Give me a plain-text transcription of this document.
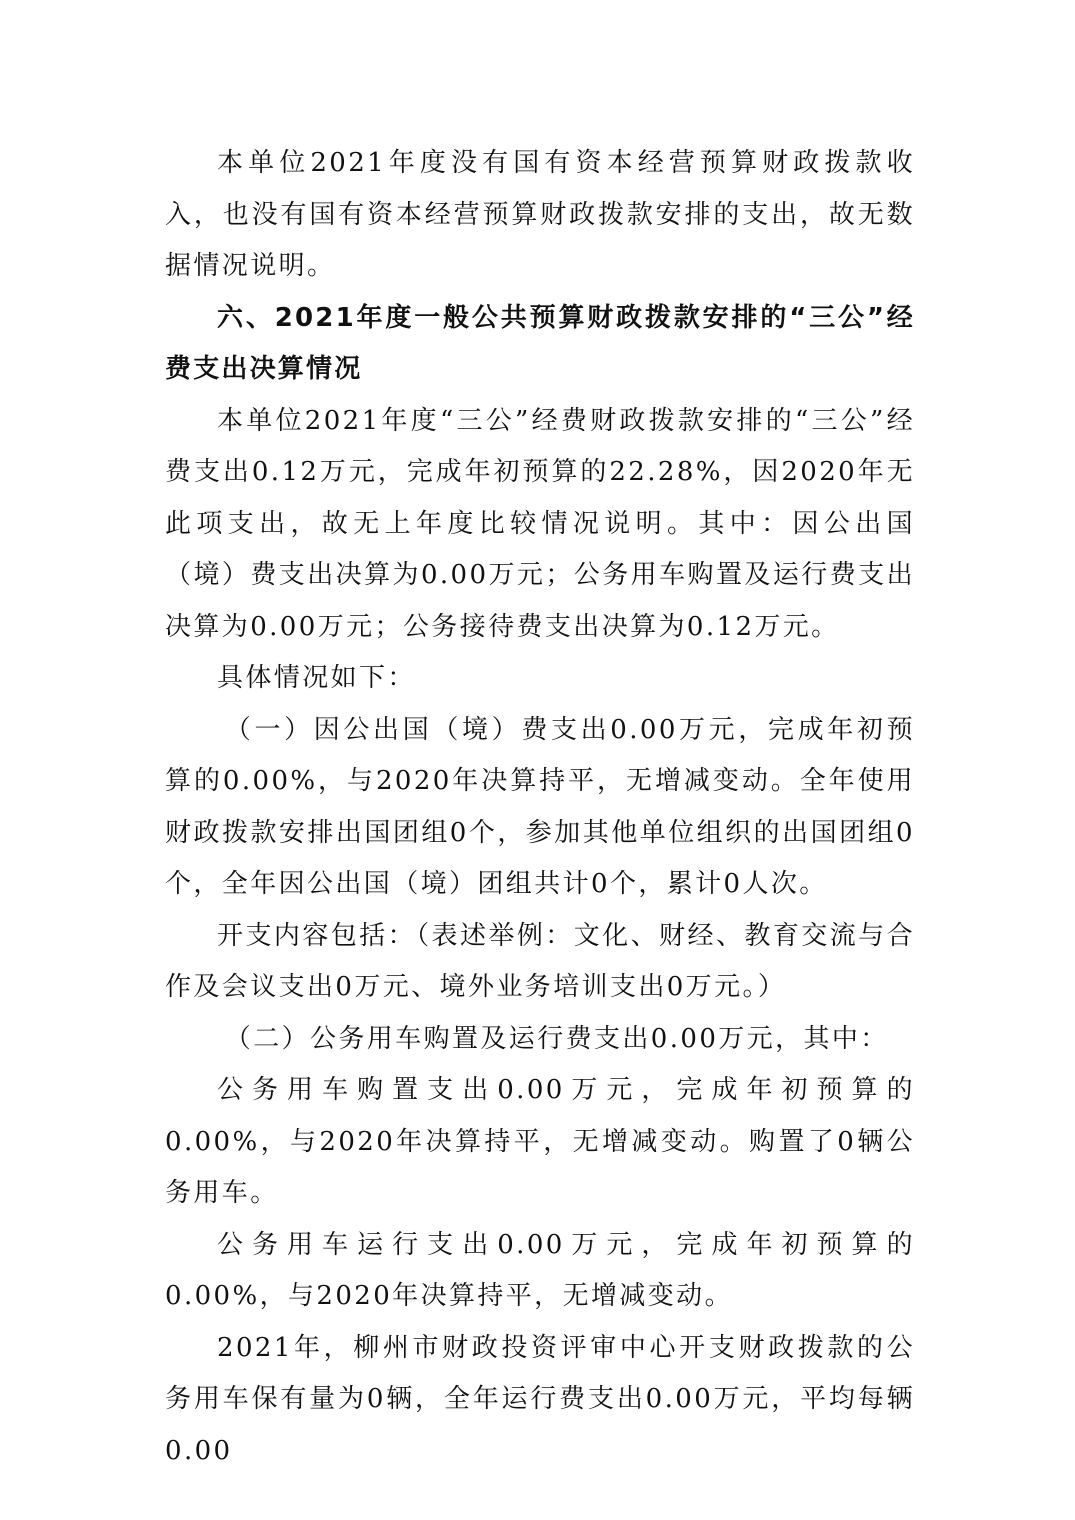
本单位2021年度没有国有资本经营预算财政拨款收入，也没有国有资本经营预算财政拨款安排的支出，故无数据情况说明。

六、2021年度一般公共预算财政拨款安排的“三公”经费支出决算情况

本单位2021年度“三公”经费财政拨款安排的“三公”经费支出0.12万元，完成年初预算的22.28%，因2020年无此项支出，故无上年度比较情况说明。其中：因公出国（境）费支出决算为0.00万元；公务用车购置及运行费支出决算为0.00万元；公务接待费支出决算为0.12万元。

具体情况如下：

（一）因公出国（境）费支出0.00万元，完成年初预算的0.00%，与2020年决算持平，无增减变动。全年使用财政拨款安排出国团组0个，参加其他单位组织的出国团组0个，全年因公出国（境）团组共计0个，累计0人次。

开支内容包括：（表述举例：文化、财经、教育交流与合作及会议支出0万元、境外业务培训支出0万元。）

（二）公务用车购置及运行费支出0.00万元，其中：

公务用车购置支出0.00万元，完成年初预算的0.00%，与2020年决算持平，无增减变动。购置了0辆公务用车。

公务用车运行支出0.00万元，完成年初预算的0.00%，与2020年决算持平，无增减变动。

2021年，柳州市财政投资评审中心开支财政拨款的公务用车保有量为0辆，全年运行费支出0.00万元，平均每辆0.00
